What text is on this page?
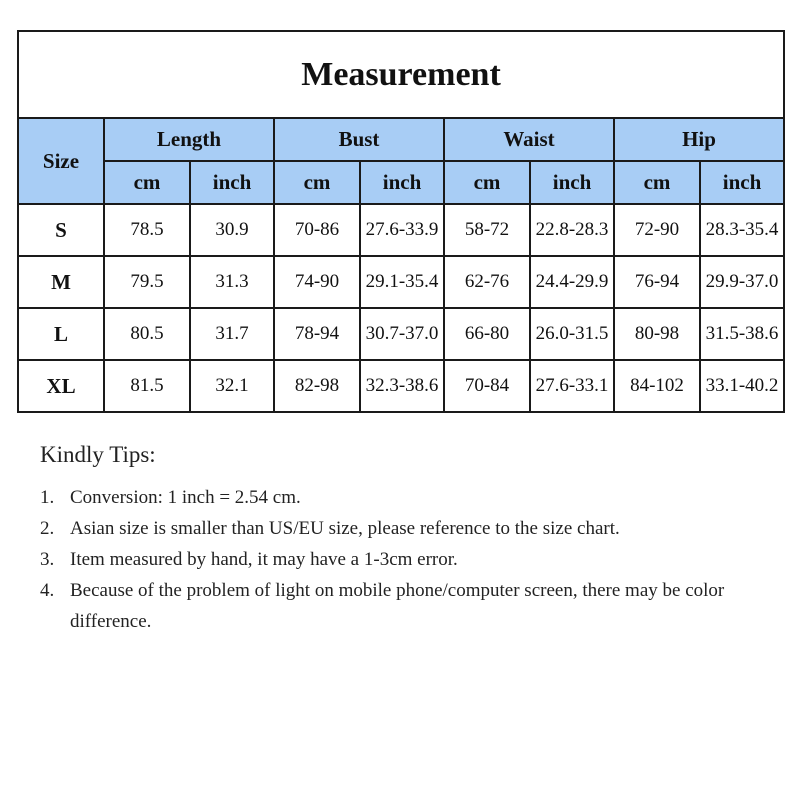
Measurement								
Size	Length		Bust		Waist		Hip	
	cm	inch	cm	inch	cm	inch	cm	inch
S	78.5	30.9	70-86	27.6-33.9	58-72	22.8-28.3	72-90	28.3-35.4
M	79.5	31.3	74-90	29.1-35.4	62-76	24.4-29.9	76-94	29.9-37.0
L	80.5	31.7	78-94	30.7-37.0	66-80	26.0-31.5	80-98	31.5-38.6
XL	81.5	32.1	82-98	32.3-38.6	70-84	27.6-33.1	84-102	33.1-40.2

Kindly Tips:

1. Conversion: 1 inch = 2.54 cm.
2. Asian size is smaller than US/EU size, please reference to the size chart.
3. Item measured by hand, it may have a 1-3cm error.
4. Because of the problem of light on mobile phone/computer screen, there may be color difference.
